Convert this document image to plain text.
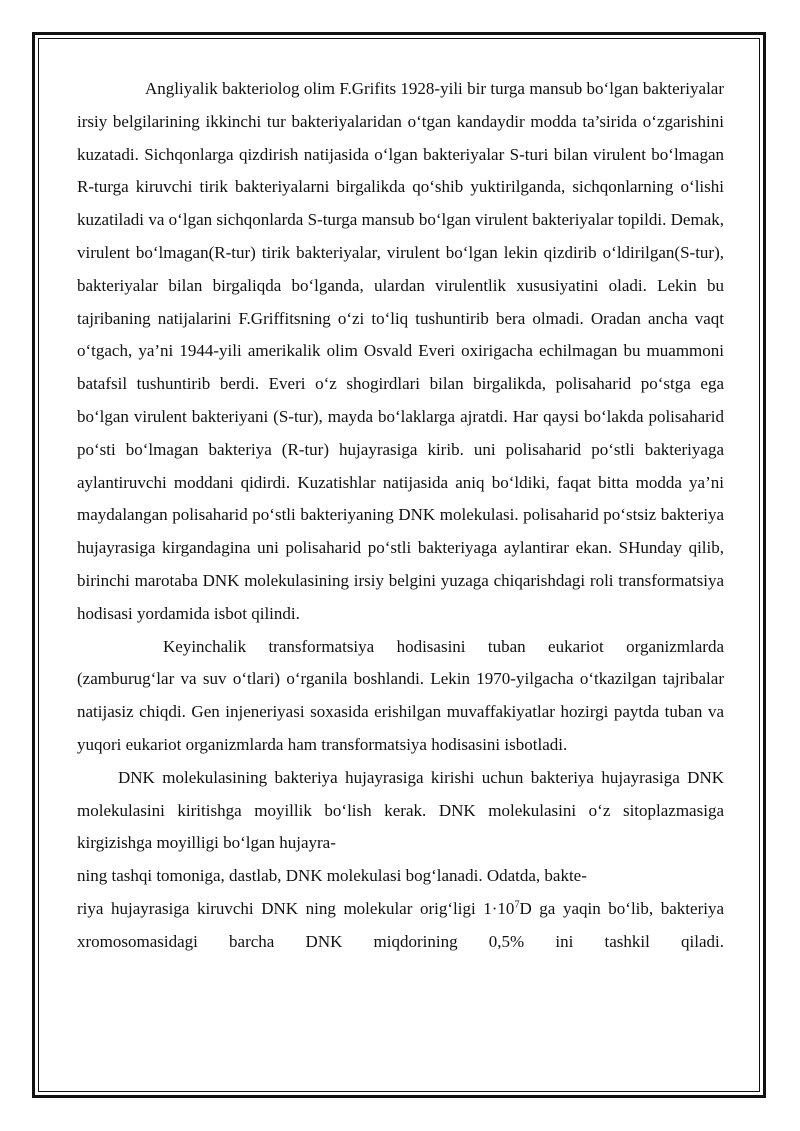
Angliyalik bakteriolog olim F.Grifits 1928-yili bir turga mansub bo‘lgan bakteriyalar irsiy belgilarining ikkinchi tur bakteriyalaridan o‘tgan kandaydir modda ta’sirida o‘zgarishini kuzatadi. Sichqonlarga qizdirish natijasida o‘lgan bakteriyalar S-turi bilan virulent bo‘lmagan R-turga kiruvchi tirik bakteriyalarni birgalikda qo‘shib yuktirilganda, sichqonlarning o‘lishi kuzatiladi va o‘lgan sichqonlarda S-turga mansub bo‘lgan virulent bakteriyalar topildi. Demak, virulent bo‘lmagan(R-tur) tirik bakteriyalar, virulent bo‘lgan lekin qizdirib o‘ldirilgan(S-tur), bakteriyalar bilan birgaliqda bo‘lganda, ulardan virulentlik xususiyatini oladi. Lekin bu tajribaning natijalarini F.Griffitsning o‘zi to‘liq tushuntirib bera olmadi. Oradan ancha vaqt o‘tgach, ya’ni 1944-yili amerikalik olim Osvald Everi oxirigacha echilmagan bu muammoni batafsil tushuntirib berdi. Everi o‘z shogirdlari bilan birgalikda, polisaharid po‘stga ega bo‘lgan virulent bakteriyani (S-tur), mayda bo‘laklarga ajratdi. Har qaysi bo‘lakda polisaharid po‘sti bo‘lmagan bakteriya (R-tur) hujayrasiga kirib. uni polisaharid po‘stli bakteriyaga aylantiruvchi moddani qidirdi. Kuzatishlar natijasida aniq bo‘ldiki, faqat bitta modda ya’ni maydalangan polisaharid po‘stli bakteriyaning DNK molekulasi. polisaharid po‘stsiz bakteriya hujayrasiga kirgandagina uni polisaharid po‘stli bakteriyaga aylantirar ekan. SHunday qilib, birinchi marotaba DNK molekulasining irsiy belgini yuzaga chiqarishdagi roli transformatsiya hodisasi yordamida isbot qilindi.

Keyinchalik transformatsiya hodisasini tuban eukariot organizmlarda (zamburug‘lar va suv o‘tlari) o‘rganila boshlandi. Lekin 1970-yilgacha o‘tkazilgan tajribalar natijasiz chiqdi. Gen injeneriyasi soxasida erishilgan muvaffakiyatlar hozirgi paytda tuban va yuqori eukariot organizmlarda ham transformatsiya hodisasini isbotladi.

DNK molekulasining bakteriya hujayrasiga kirishi uchun bakteriya hujayrasiga DNK molekulasini kiritishga moyillik bo‘lish kerak. DNK molekulasini o‘z sitoplazmasiga kirgizishga moyilligi bo‘lgan hujayra-

ning tashqi tomoniga, dastlab, DNK molekulasi bog‘lanadi. Odatda, bakte-

riya hujayrasiga kiruvchi DNK ning molekular orig‘ligi $1\cdot 10^7D$ ga yaqin bo‘lib, bakteriya xromosomasidagi barcha DNK miqdorining 0,5% ini tashkil qiladi.
